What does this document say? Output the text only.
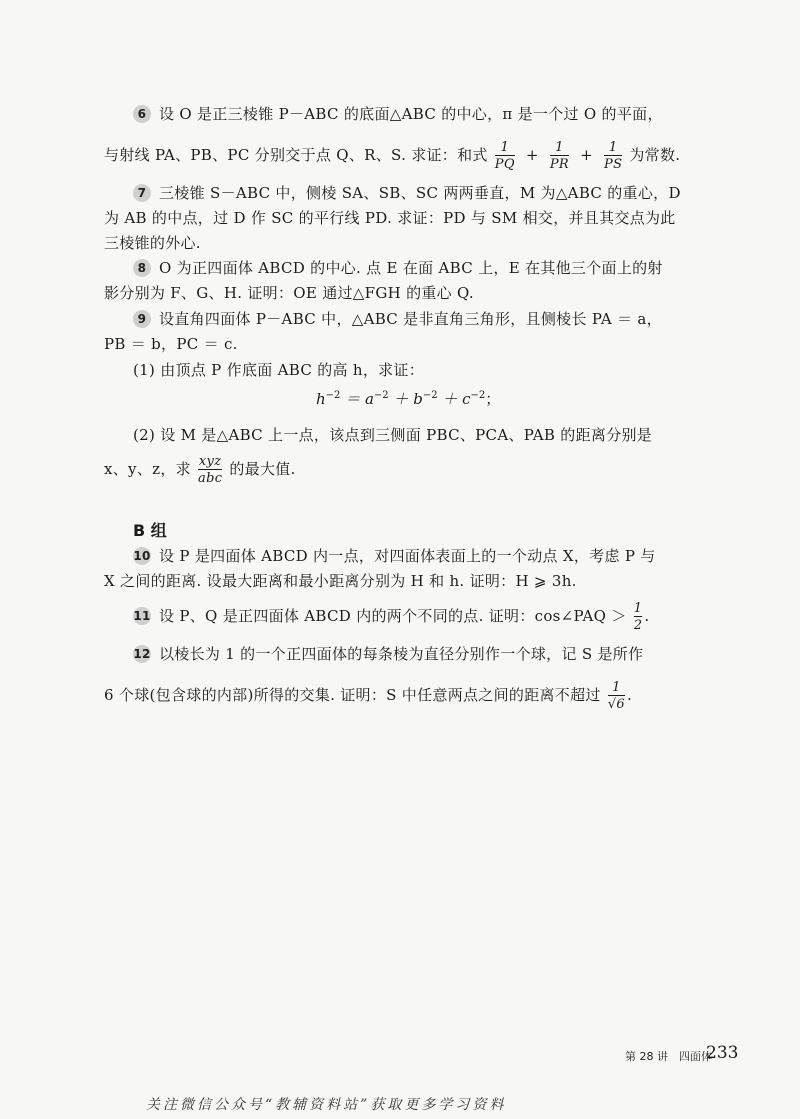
6 设 O 是正三棱锥 P－ABC 的底面△ABC 的中心，π 是一个过 O 的平面，
与射线 PA、PB、PC 分别交于点 Q、R、S. 求证：和式 $\frac{1}{PQ} + \frac{1}{PR} + \frac{1}{PS}$ 为常数.
7 三棱锥 S－ABC 中，侧棱 SA、SB、SC 两两垂直，M 为△ABC 的重心，D
为 AB 的中点，过 D 作 SC 的平行线 PD. 求证：PD 与 SM 相交，并且其交点为此
三棱锥的外心.
8 O 为正四面体 ABCD 的中心. 点 E 在面 ABC 上，E 在其他三个面上的射
影分别为 F、G、H. 证明：OE 通过△FGH 的重心 Q.
9 设直角四面体 P－ABC 中，△ABC 是非直角三角形，且侧棱长 PA ＝ a，
PB ＝ b，PC ＝ c.
(1) 由顶点 P 作底面 ABC 的高 h，求证：
$h^{-2} = a^{-2} + b^{-2} + c^{-2}$；
(2) 设 M 是△ABC 上一点，该点到三侧面 PBC、PCA、PAB 的距离分别是
x、y、z，求 $\frac{\text{xyz}}{\text{abc}}$ 的最大值.
B 组
10 设 P 是四面体 ABCD 内一点，对四面体表面上的一个动点 X，考虑 P 与
X 之间的距离. 设最大距离和最小距离分别为 H 和 h. 证明：H ⩾ 3h.
11 设 P、Q 是正四面体 ABCD 内的两个不同的点. 证明：cos∠PAQ ＞ $\frac{1}{2}$ .
12 以棱长为 1 的一个正四面体的每条棱为直径分别作一个球，记 S 是所作
6 个球(包含球的内部)所得的交集. 证明：S 中任意两点之间的距离不超过 $\frac{1}{√6}$ .
第 28 讲　四面体
233
关注微信公众号“教辅资料站”获取更多学习资料
